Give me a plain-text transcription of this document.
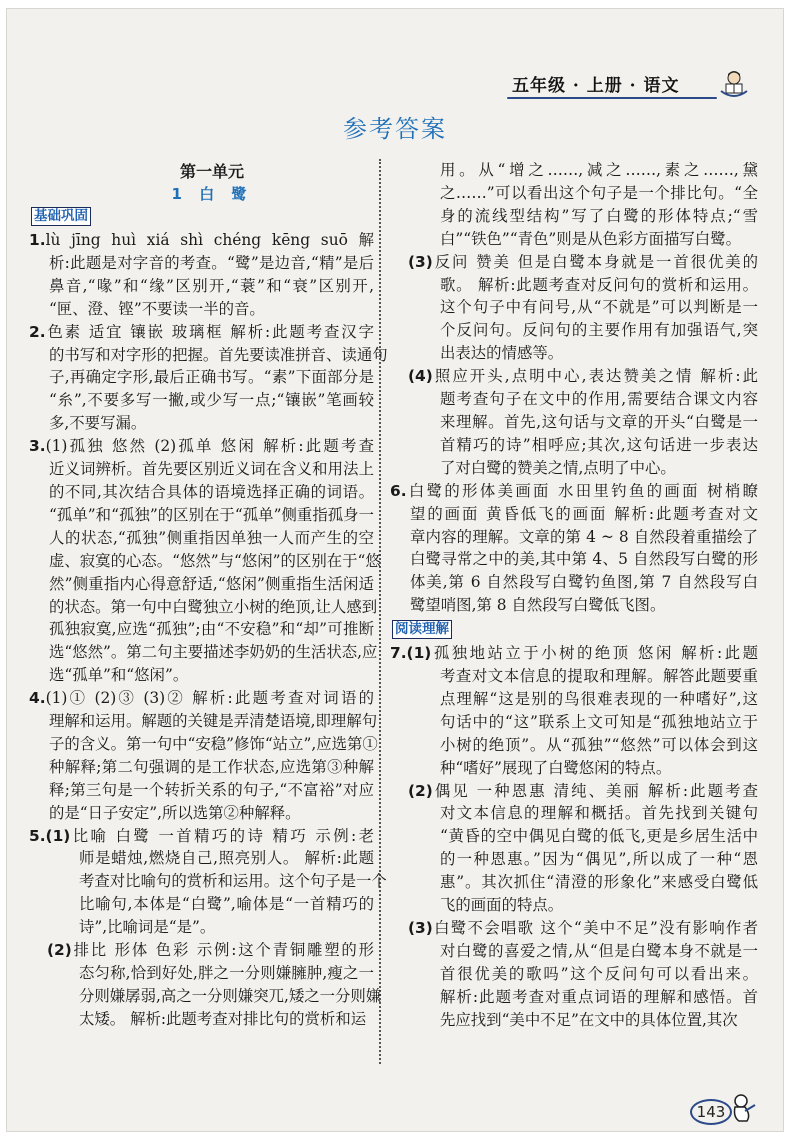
五年级 · 上册 · 语文
参考答案
第一单元
1 白 鹭
基础巩固
1.lù jīng huì xiá shì chéng kēng suō 解
析:此题是对字音的考查。“鹭”是边音,“精”是后
鼻音,“喙”和“缘”区别开,“蓑”和“衰”区别开,
“匣、澄、铿”不要读一半的音。
2.色素 适宜 镶嵌 玻璃框 解析:此题考查汉字
的书写和对字形的把握。首先要读准拼音、读通句
子,再确定字形,最后正确书写。“素”下面部分是
“糸”,不要多写一撇,或少写一点;“镶嵌”笔画较
多,不要写漏。
3.(1)孤独 悠然 (2)孤单 悠闲 解析:此题考查
近义词辨析。首先要区别近义词在含义和用法上
的不同,其次结合具体的语境选择正确的词语。
“孤单”和“孤独”的区别在于“孤单”侧重指孤身一
人的状态,“孤独”侧重指因单独一人而产生的空
虚、寂寞的心态。“悠然”与“悠闲”的区别在于“悠
然”侧重指内心得意舒适,“悠闲”侧重指生活闲适
的状态。第一句中白鹭独立小树的绝顶,让人感到
孤独寂寞,应选“孤独”;由“不安稳”和“却”可推断
选“悠然”。第二句主要描述李奶奶的生活状态,应
选“孤单”和“悠闲”。
4.(1)① (2)③ (3)② 解析:此题考查对词语的
理解和运用。解题的关键是弄清楚语境,即理解句
子的含义。第一句中“安稳”修饰“站立”,应选第①
种解释;第二句强调的是工作状态,应选第③种解
释;第三句是一个转折关系的句子,“不富裕”对应
的是“日子安定”,所以选第②种解释。
5.(1)比喻 白鹭 一首精巧的诗 精巧 示例:老
师是蜡烛,燃烧自己,照亮别人。 解析:此题
考查对比喻句的赏析和运用。这个句子是一个
比喻句,本体是“白鹭”,喻体是“一首精巧的
诗”,比喻词是“是”。
(2)排比 形体 色彩 示例:这个青铜雕塑的形
态匀称,恰到好处,胖之一分则嫌臃肿,瘦之一
分则嫌孱弱,高之一分则嫌突兀,矮之一分则嫌
太矮。 解析:此题考查对排比句的赏析和运
用。从“增之……,减之……,素之……,黛
之……”可以看出这个句子是一个排比句。“全
身的流线型结构”写了白鹭的形体特点;“雪
白”“铁色”“青色”则是从色彩方面描写白鹭。
(3)反问 赞美 但是白鹭本身就是一首很优美的
歌。 解析:此题考查对反问句的赏析和运用。
这个句子中有问号,从“不就是”可以判断是一
个反问句。反问句的主要作用有加强语气,突
出表达的情感等。
(4)照应开头,点明中心,表达赞美之情 解析:此
题考查句子在文中的作用,需要结合课文内容
来理解。首先,这句话与文章的开头“白鹭是一
首精巧的诗”相呼应;其次,这句话进一步表达
了对白鹭的赞美之情,点明了中心。
6.白鹭的形体美画面 水田里钓鱼的画面 树梢瞭
望的画面 黄昏低飞的画面 解析:此题考查对文
章内容的理解。文章的第 4 ~ 8 自然段着重描绘了
白鹭寻常之中的美,其中第 4、5 自然段写白鹭的形
体美,第 6 自然段写白鹭钓鱼图,第 7 自然段写白
鹭望哨图,第 8 自然段写白鹭低飞图。
阅读理解
7.(1)孤独地站立于小树的绝顶 悠闲 解析:此题
考查对文本信息的提取和理解。解答此题要重
点理解“这是别的鸟很难表现的一种嗜好”,这
句话中的“这”联系上文可知是“孤独地站立于
小树的绝顶”。从“孤独”“悠然”可以体会到这
种“嗜好”展现了白鹭悠闲的特点。
(2)偶见 一种恩惠 清纯、美丽 解析:此题考查
对文本信息的理解和概括。首先找到关键句
“黄昏的空中偶见白鹭的低飞,更是乡居生活中
的一种恩惠。”因为“偶见”,所以成了一种“恩
惠”。其次抓住“清澄的形象化”来感受白鹭低
飞的画面的特点。
(3)白鹭不会唱歌 这个“美中不足”没有影响作者
对白鹭的喜爱之情,从“但是白鹭本身不就是一
首很优美的歌吗”这个反问句可以看出来。
解析:此题考查对重点词语的理解和感悟。首
先应找到“美中不足”在文中的具体位置,其次
143
